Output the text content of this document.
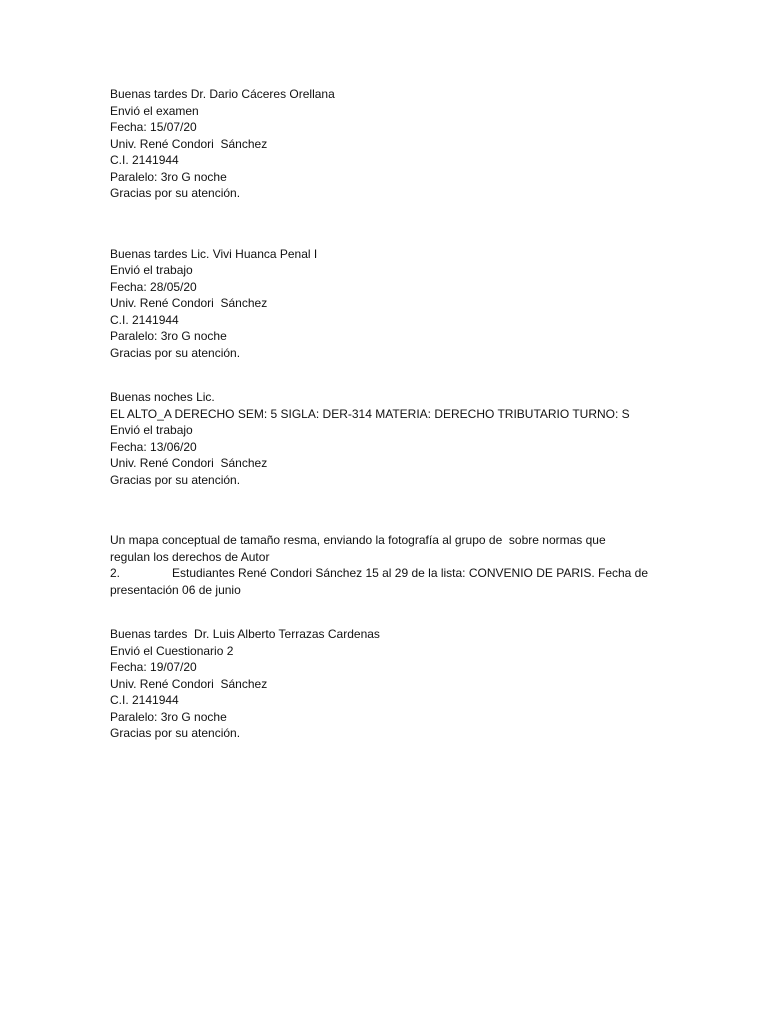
Buenas tardes Dr. Dario Cáceres Orellana

Envió el examen

Fecha: 15/07/20

Univ. René Condori  Sánchez

C.I. 2141944

Paralelo: 3ro G noche

Gracias por su atención.

Buenas tardes Lic. Vivi Huanca Penal I

Envió el trabajo

Fecha: 28/05/20

Univ. René Condori  Sánchez

C.I. 2141944

Paralelo: 3ro G noche

Gracias por su atención.

Buenas noches Lic.

EL ALTO_A DERECHO SEM: 5 SIGLA: DER-314 MATERIA: DERECHO TRIBUTARIO TURNO: S

Envió el trabajo

Fecha: 13/06/20

Univ. René Condori  Sánchez

Gracias por su atención.

Un mapa conceptual de tamaño resma, enviando la fotografía al grupo de  sobre normas que

regulan los derechos de Autor

2.	Estudiantes René Condori Sánchez 15 al 29 de la lista: CONVENIO DE PARIS. Fecha de

presentación 06 de junio

Buenas tardes  Dr. Luis Alberto Terrazas Cardenas

Envió el Cuestionario 2

Fecha: 19/07/20

Univ. René Condori  Sánchez

C.I. 2141944

Paralelo: 3ro G noche

Gracias por su atención.
